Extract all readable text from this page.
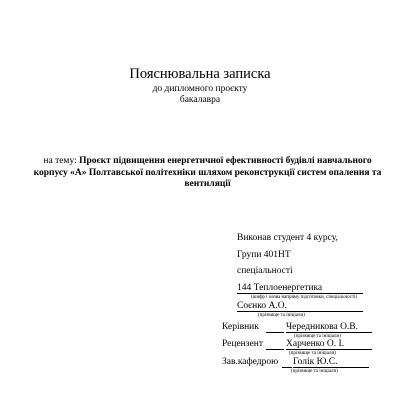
Пояснювальна записка
до дипломного проєкту
бакалавра
на тему: Проєкт підвищення енергетичної ефективності будівлі навчального корпусу «А» Полтавської політехніки шляхом реконструкції систем опалення та вентиляції
Виконав студент 4 курсу,
Групи 401НТ
спеціальності
144 Теплоенергетика
(шифр і назва напряму підготовки, спеціальності)
Соєнко А.О.
(прізвище та ініціали)
Керівник	Чередникова О.В.
(прізвище та ініціали)
Рецензент Харченко О. І.
(прізвище та ініціали)
Зав.кафедрою Голік Ю.С.
(прізвище та ініціали)
